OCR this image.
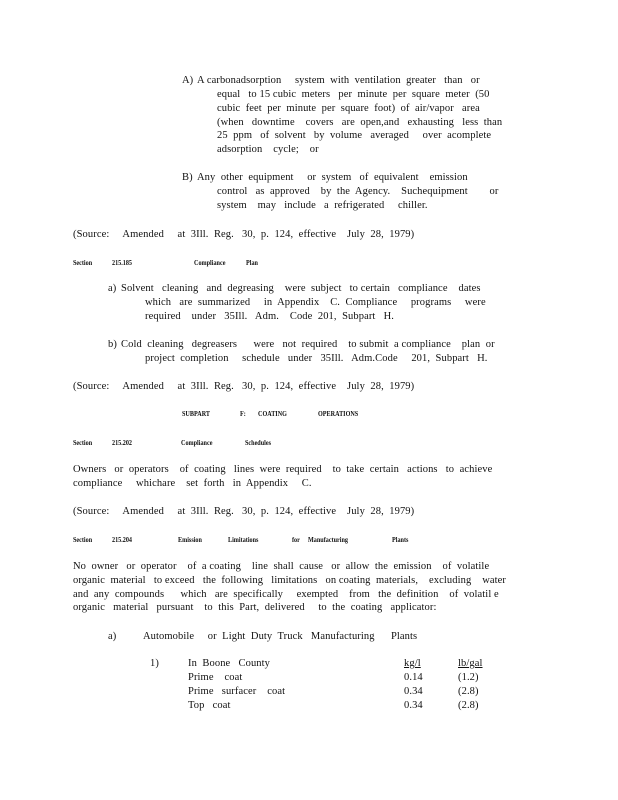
A) A carbonadsorption     system  with  ventilation  greater   than   or
equal   to 15 cubic  meters   per  minute  per  square  meter  (50
cubic  feet  per  minute  per  square  foot)  of  air/vapor   area
(when   downtime    covers   are  open,and   exhausting   less  than
25  ppm   of  solvent   by  volume   averaged     over  acomplete
adsorption    cycle;    or
B) Any  other  equipment     or  system   of  equivalent    emission
control   as  approved    by  the  Agency.    Suchequipment        or
system    may   include   a  refrigerated     chiller.
(Source:     Amended     at  3Ill.  Reg.   30,  p.  124,  effective    July  28,  1979)
Section	215.185	Compliance	Plan
a) Solvent   cleaning   and  degreasing    were  subject   to certain   compliance    dates
which   are  summarized     in  Appendix    C.  Compliance     programs     were
required    under   35Ill.   Adm.    Code  201,  Subpart   H.
b) Cold  cleaning   degreasers      were   not  required    to submit  a compliance    plan  or
project  completion     schedule   under   35Ill.   Adm.Code     201,  Subpart   H.
(Source:     Amended     at  3Ill.  Reg.   30,  p.  124,  effective    July  28,  1979)
SUBPART	F: COATING	OPERATIONS
Section	215.202	Compliance	Schedules
Owners   or  operators    of  coating   lines  were  required    to  take  certain   actions   to  achieve
compliance     whichare    set  forth   in  Appendix     C.
(Source:     Amended     at  3Ill.  Reg.   30,  p.  124,  effective    July  28,  1979)
Section	215.204	Emission	Limitations	for Manufacturing	Plants
No  owner   or  operator    of  a coating    line  shall  cause   or  allow  the  emission    of  volatile
organic  material   to exceed   the  following   limitations   on coating  materials,    excluding    water
and  any  compounds      which   are  specifically     exempted    from   the  definition    of  volatil e
organic   material   pursuant    to  this  Part,  delivered     to  the  coating   applicator:
a)	Automobile     or  Light  Duty  Truck   Manufacturing      Plants
1)	In  Boone   County	kg/l	lb/gal
Prime    coat	0.14	(1.2)
Prime   surfacer    coat	0.34	(2.8)
Top   coat	0.34	(2.8)
